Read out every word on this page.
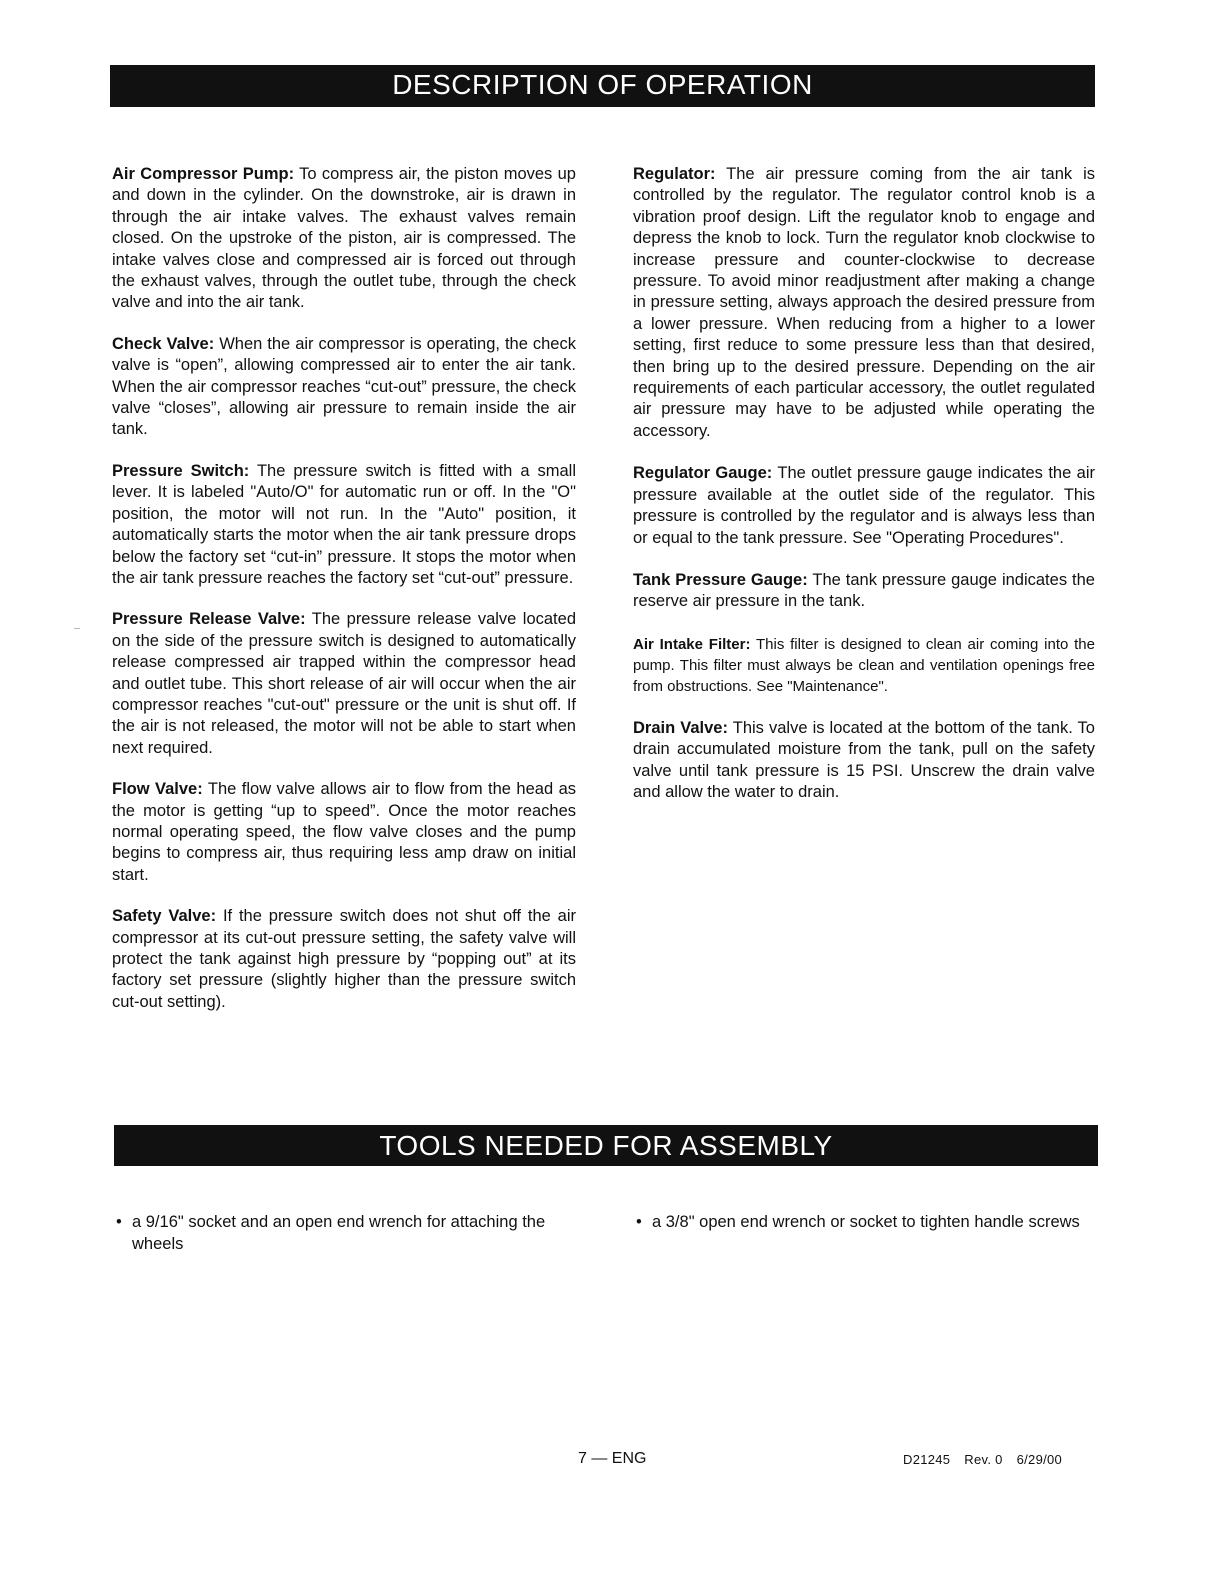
DESCRIPTION OF OPERATION

Air Compressor Pump: To compress air, the piston moves up and down in the cylinder. On the downstroke, air is drawn in through the air intake valves. The exhaust valves remain closed. On the upstroke of the piston, air is compressed. The intake valves close and compressed air is forced out through the exhaust valves, through the outlet tube, through the check valve and into the air tank.

Check Valve: When the air compressor is operating, the check valve is “open”, allowing compressed air to enter the air tank. When the air compressor reaches “cut-out” pressure, the check valve “closes”, allowing air pressure to remain inside the air tank.

Pressure Switch: The pressure switch is fitted with a small lever. It is labeled "Auto/O" for automatic run or off. In the "O" position, the motor will not run. In the "Auto" position, it automatically starts the motor when the air tank pressure drops below the factory set “cut-in” pressure. It stops the motor when the air tank pressure reaches the factory set “cut-out” pressure.

Pressure Release Valve: The pressure release valve located on the side of the pressure switch is designed to automatically release compressed air trapped within the compressor head and outlet tube. This short release of air will occur when the air compressor reaches "cut-out" pressure or the unit is shut off. If the air is not released, the motor will not be able to start when next required.

Flow Valve: The flow valve allows air to flow from the head as the motor is getting “up to speed”. Once the motor reaches normal operating speed, the flow valve closes and the pump begins to compress air, thus requiring less amp draw on initial start.

Safety Valve: If the pressure switch does not shut off the air compressor at its cut-out pressure setting, the safety valve will protect the tank against high pressure by “popping out” at its factory set pressure (slightly higher than the pressure switch cut-out setting).

Regulator: The air pressure coming from the air tank is controlled by the regulator. The regulator control knob is a vibration proof design. Lift the regulator knob to engage and depress the knob to lock. Turn the regulator knob clockwise to increase pressure and counter-clockwise to decrease pressure. To avoid minor readjustment after making a change in pressure setting, always approach the desired pressure from a lower pressure. When reducing from a higher to a lower setting, first reduce to some pressure less than that desired, then bring up to the desired pressure. Depending on the air requirements of each particular accessory, the outlet regulated air pressure may have to be adjusted while operating the accessory.

Regulator Gauge: The outlet pressure gauge indicates the air pressure available at the outlet side of the regulator. This pressure is controlled by the regulator and is always less than or equal to the tank pressure. See "Operating Procedures".

Tank Pressure Gauge: The tank pressure gauge indicates the reserve air pressure in the tank.

Air Intake Filter: This filter is designed to clean air coming into the pump. This filter must always be clean and ventilation openings free from obstructions. See "Maintenance".

Drain Valve: This valve is located at the bottom of the tank. To drain accumulated moisture from the tank, pull on the safety valve until tank pressure is 15 PSI. Unscrew the drain valve and allow the water to drain.

TOOLS NEEDED FOR ASSEMBLY
• a 9/16" socket and an open end wrench for attaching the wheels
• a 3/8" open end wrench or socket to tighten handle screws
7 — ENG	D21245 Rev. 0 6/29/00
